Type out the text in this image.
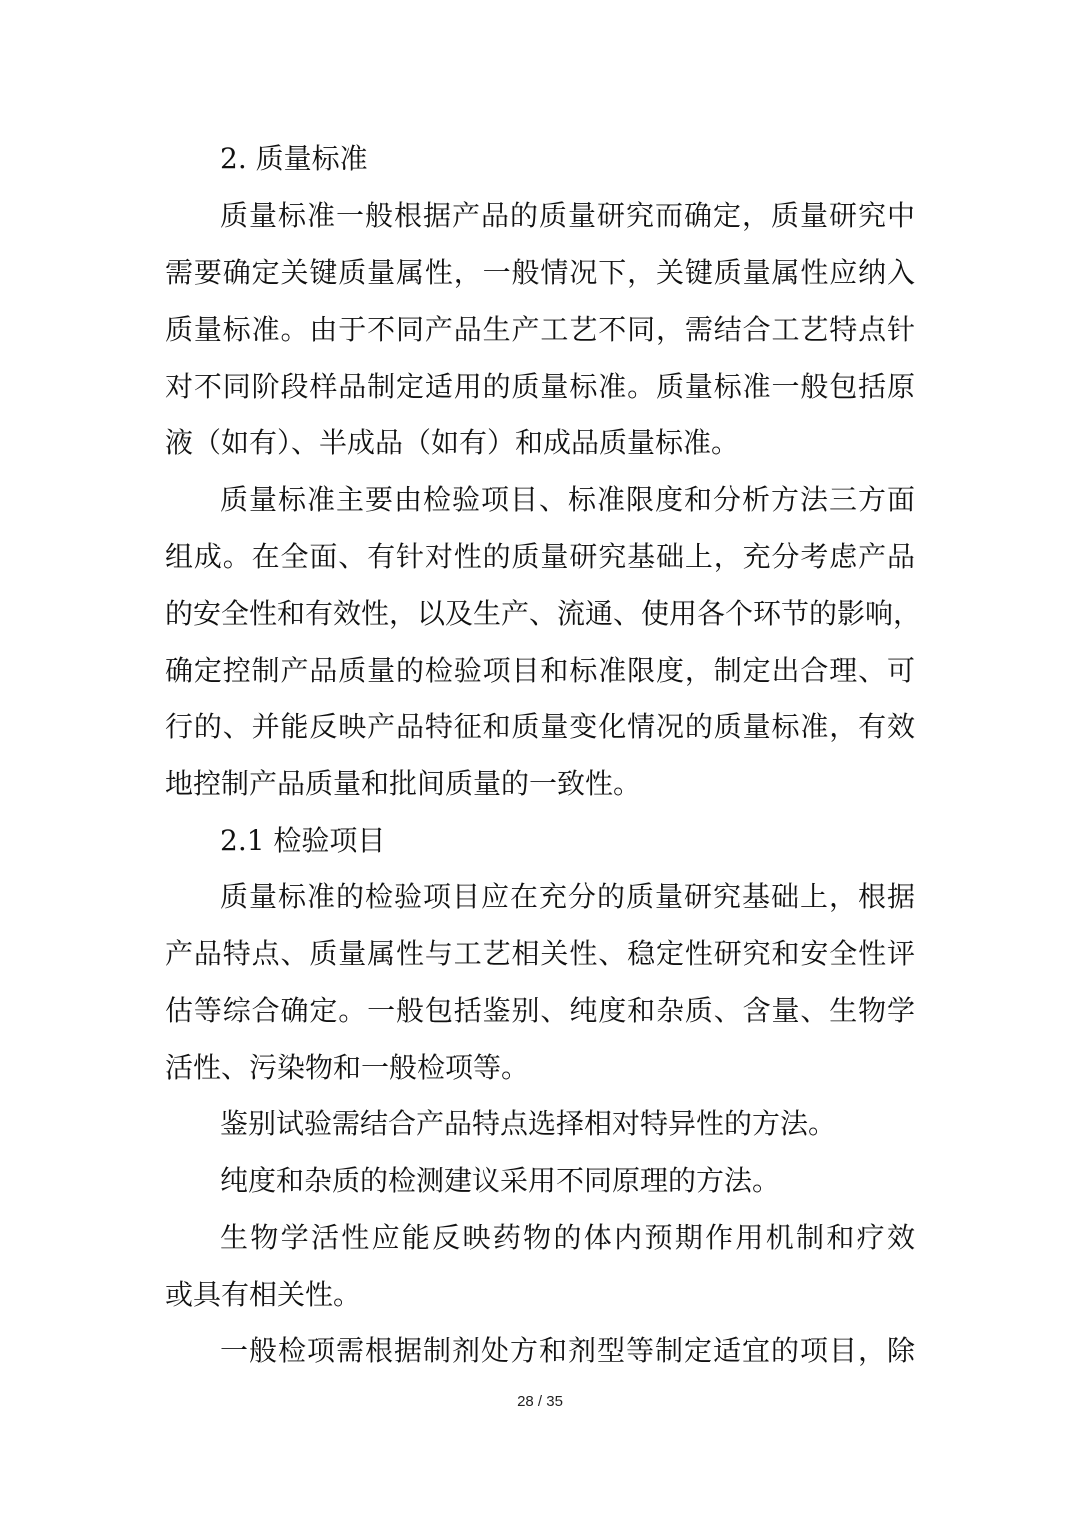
2. 质量标准
质量标准一般根据产品的质量研究而确定，质量研究中
需要确定关键质量属性，一般情况下，关键质量属性应纳入
质量标准。由于不同产品生产工艺不同，需结合工艺特点针
对不同阶段样品制定适用的质量标准。质量标准一般包括原
液（如有）、半成品（如有）和成品质量标准。
质量标准主要由检验项目、标准限度和分析方法三方面
组成。在全面、有针对性的质量研究基础上，充分考虑产品
的安全性和有效性，以及生产、流通、使用各个环节的影响，
确定控制产品质量的检验项目和标准限度，制定出合理、可
行的、并能反映产品特征和质量变化情况的质量标准，有效
地控制产品质量和批间质量的一致性。
2.1 检验项目
质量标准的检验项目应在充分的质量研究基础上，根据
产品特点、质量属性与工艺相关性、稳定性研究和安全性评
估等综合确定。一般包括鉴别、纯度和杂质、含量、生物学
活性、污染物和一般检项等。
鉴别试验需结合产品特点选择相对特异性的方法。
纯度和杂质的检测建议采用不同原理的方法。
生物学活性应能反映药物的体内预期作用机制和疗效
或具有相关性。
一般检项需根据制剂处方和剂型等制定适宜的项目，除
28 / 35
